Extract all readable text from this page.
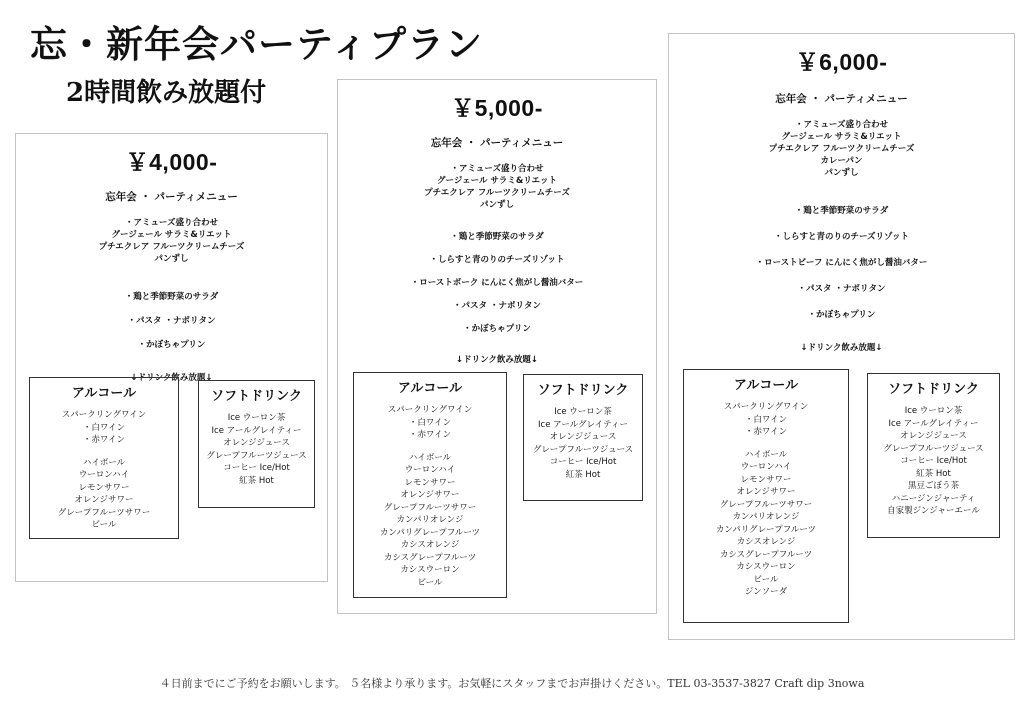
忘・新年会パーティプラン
2時間飲み放題付
￥4,000-
忘年会 ・ パーティメニュー
・アミューズ盛り合わせ
グージェール サラミ&リエット
プチエクレア フルーツクリームチーズ
パンずし
・鶏と季節野菜のサラダ
・パスタ ・ナポリタン
・かぼちゃプリン
↓ドリンク飲み放題↓
アルコール
スパークリングワイン
・白ワイン
・赤ワイン
ハイボール
ウーロンハイ
レモンサワー
オレンジサワー
グレープフルーツサワー
ビール
ソフトドリンク
Ice ウーロン茶
Ice アールグレイティー
オレンジジュース
グレープフルーツジュース
コーヒー Ice/Hot
紅茶 Hot
￥5,000-
忘年会 ・ パーティメニュー
・アミューズ盛り合わせ
グージェール サラミ&リエット
プチエクレア フルーツクリームチーズ
パンずし
・鶏と季節野菜のサラダ
・しらすと青のりのチーズリゾット
・ローストポーク にんにく焦がし醤油バター
・パスタ ・ナポリタン
・かぼちゃプリン
↓ドリンク飲み放題↓
アルコール
スパークリングワイン
・白ワイン
・赤ワイン
ハイボール
ウーロンハイ
レモンサワー
オレンジサワー
グレープフルーツサワー
カンパリオレンジ
カンパリグレープフルーツ
カシスオレンジ
カシスグレープフルーツ
カシスウーロン
ビール
ソフトドリンク
Ice ウーロン茶
Ice アールグレイティー
オレンジジュース
グレープフルーツジュース
コーヒー Ice/Hot
紅茶 Hot
￥6,000-
忘年会 ・ パーティメニュー
・アミューズ盛り合わせ
グージェール サラミ&リエット
プチエクレア フルーツクリームチーズ
カレーパン
パンずし
・鶏と季節野菜のサラダ
・しらすと青のりのチーズリゾット
・ローストビーフ にんにく焦がし醤油バター
・パスタ ・ナポリタン
・かぼちゃプリン
↓ドリンク飲み放題↓
アルコール
スパークリングワイン
・白ワイン
・赤ワイン
ハイボール
ウーロンハイ
レモンサワー
オレンジサワー
グレープフルーツサワー
カンパリオレンジ
カンパリグレープフルーツ
カシスオレンジ
カシスグレープフルーツ
カシスウーロン
ビール
ジンソーダ
ソフトドリンク
Ice ウーロン茶
Ice アールグレイティー
オレンジジュース
グレープフルーツジュース
コーヒー Ice/Hot
紅茶 Hot
黒豆ごぼう茶
ハニージンジャーティ
自家製ジンジャーエール
４日前までにご予約をお願いします。 ５名様より承ります。お気軽にスタッフまでお声掛けください。TEL 03-3537-3827 Craft dip 3nowa
